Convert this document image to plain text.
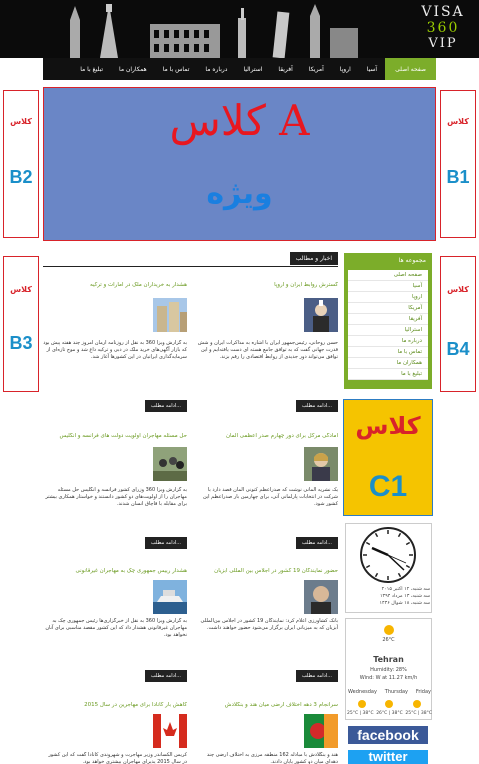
VISA
360
VIP
صفحه اصلی
آسیا
اروپا
آمریکا
آفریقا
استرالیا
درباره ما
تماس با ما
همکاران ما
تبلیغ با ما
کلاس
B2
کلاس
B1
کلاس A
ویژه
کلاس
B3
کلاس
B4
اخبار و مطالب
گسترش روابط ایران و اروپا
حسن روحانی، رئیس‌جمهور ایران با اشاره به مذاکرات ایران و شش قدرت جهانی گفت که به توافق جامع هسته ای دست یافته‌ایم و این توافق می‌تواند دور جدیدی از روابط اقتصادی را رقم بزند.
ادامه مطلب...
هشدار به خریداران ملک در امارات و ترکیه
به گزارش ویزا 360 به نقل از روزنامه آرمان امروز چند هفته پیش بود که بازار آگهی‌های خرید ملک در دبی و ترکیه داغ شد و موج تازه‌ای از سرمایه‌گذاری ایرانیان در این کشورها آغاز شد.
ادامه مطلب...
آمادگی مرکل برای دور چهارم صدر اعظمی آلمان
یک نشریه آلمانی نوشت که صدراعظم کنونی آلمان قصد دارد با شرکت در انتخابات پارلمانی آتی، برای چهارمین بار صدراعظم این کشور شود.
ادامه مطلب...
حل مسئله مهاجران اولویت دولت های فرانسه و انگلیس
به گزارش ویزا 360 وزرای کشور فرانسه و انگلیس حل مسئله مهاجران را از اولویت‌های دو کشور دانستند و خواستار همکاری بیشتر برای مقابله با قاچاق انسان شدند.
ادامه مطلب...
حضور نمایندگان 19 کشور در اجلاس بین المللی آبزیان
بانک کشاورزی اعلام کرد: نمایندگان 19 کشور در اجلاس بین‌المللی آبزیان که به میزبانی ایران برگزار می‌شود حضور خواهند داشت.
ادامه مطلب...
هشدار رییس جمهوری چک به مهاجران غیرقانونی
به گزارش ویزا 360 به نقل از خبرگزاری‌ها رئیس جمهوری چک به مهاجران غیرقانونی هشدار داد که این کشور مقصد مناسبی برای آنان نخواهد بود.
ادامه مطلب...
سرانجام 3 دهه اختلاف ارضی میان هند و بنگلادش
هند و بنگلادش با مبادله 162 منطقه مرزی به اختلاف ارضی چند دهه‌ای میان دو کشور پایان دادند.
کاهش بار کانادا برای مهاجرین در سال 2015
کریس الکساندر وزیر مهاجرت و شهروندی کانادا گفت که این کشور در سال 2015 پذیرای مهاجران بیشتری خواهد بود.
مجموعه ها
صفحه اصلی
آسیا
اروپا
آمریکا
آفریقا
استرالیا
درباره ما
تماس با ما
همکاران ما
تبلیغ با ما
کلاس
C1
سه شنبه، ۱۲ اکتبر ۲۰۱۵
سه شنبه، ۱۳ مرداد ۱۳۹۴
سه شنبه، ۱۸ شوال ۱۴۳۶
26°C
Tehran
Humidity: 28%
Wind: W at 11.27 km/h
Wednesday Thursday Friday
25°C | 38°C 26°C | 38°C 25°C | 38°C
facebook
twitter
